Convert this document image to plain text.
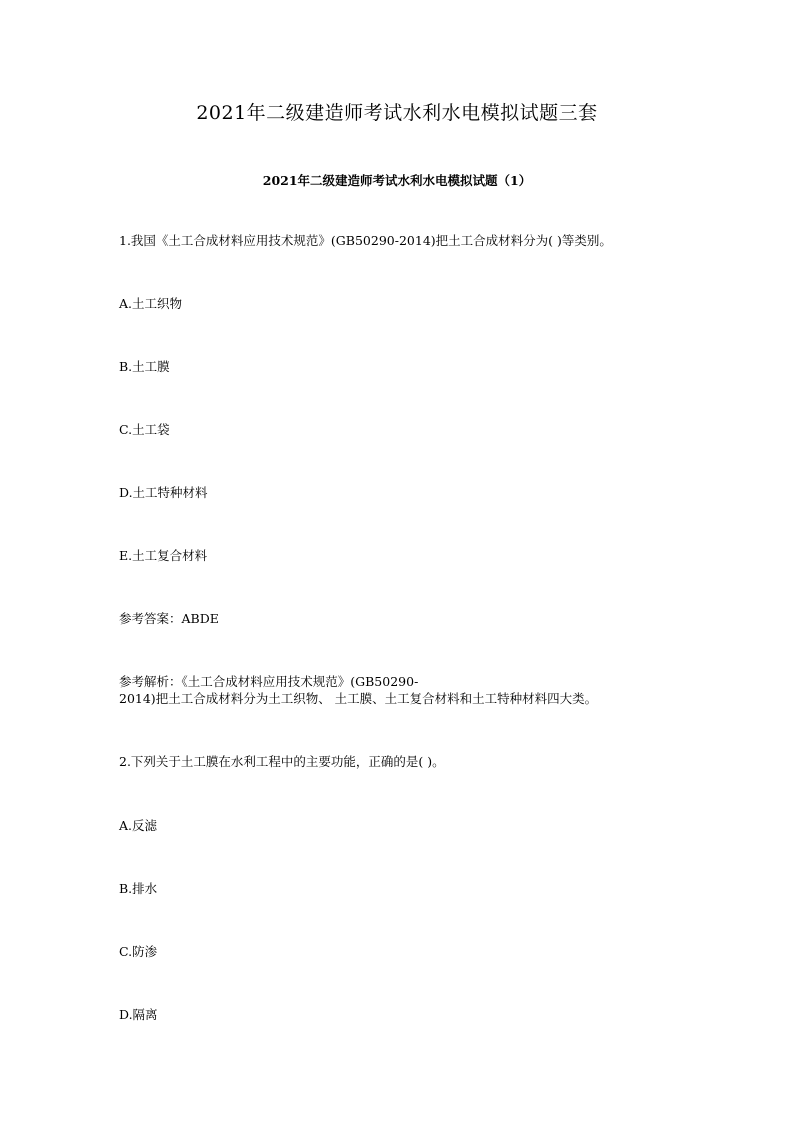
2021年二级建造师考试水利水电模拟试题三套
2021年二级建造师考试水利水电模拟试题（1）

1.我国《土工合成材料应用技术规范》(GB50290-2014)把土工合成材料分为( )等类别。

A.土工织物

B.土工膜

C.土工袋

D.土工特种材料

E.土工复合材料

参考答案：ABDE

参考解析：《土工合成材料应用技术规范》(GB50290-

2014)把土工合成材料分为土工织物、 土工膜、土工复合材料和土工特种材料四大类。

2.下列关于土工膜在水利工程中的主要功能，正确的是( )。

A.反滤

B.排水

C.防渗

D.隔离
